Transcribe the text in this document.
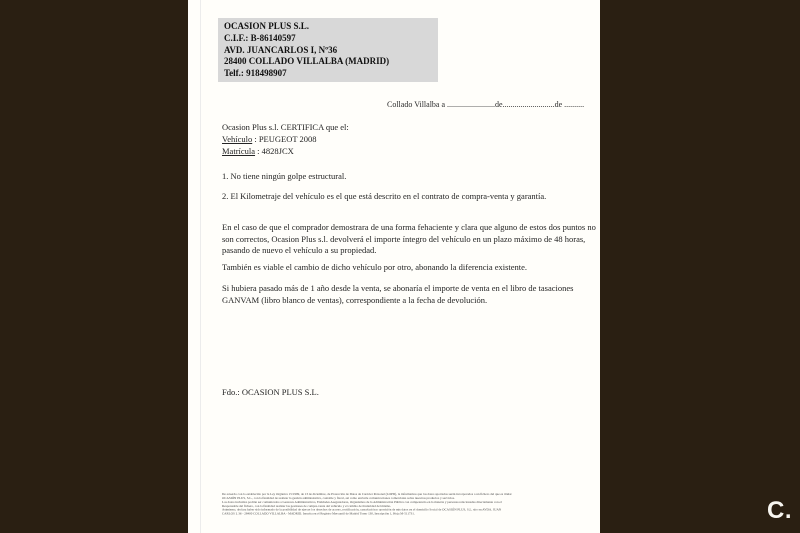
OCASION PLUS S.L.
C.I.F.: B-86140597
AVD. JUANCARLOS I, Nº36
28400 COLLADO VILLALBA (MADRID)
Telf.: 918498907
Collado Villalba a ........................de..........................de ..........
Ocasion Plus s.l. CERTIFICA que el:
Vehículo : PEUGEOT 2008
Matrícula : 4828JCX
1. No tiene ningún golpe estructural.
2. El Kilometraje del vehículo es el que está descrito en el contrato de compra-venta y garantía.
En el caso de que el comprador demostrara de una forma fehaciente y clara que alguno de estos dos puntos no son correctos, Ocasion Plus s.l. devolverá el importe íntegro del vehículo en un plazo máximo de 48 horas, pasando de nuevo el vehículo a su propiedad.
También es viable el cambio de dicho vehículo por otro, abonando la diferencia existente.
Si hubiera pasado más de 1 año desde la venta, se abonaría el importe de venta en el libro de tasaciones GANVAM (libro blanco de ventas), correspondiente a la fecha de devolución.
Fdo.: OCASION PLUS S.L.
De acuerdo con lo establecido por la Ley Orgánica 15/1999, de 13 de diciembre, de Protección de Datos de Carácter Personal (LOPD), le informamos que los datos aportados serán incorporados a un fichero del que es titular
OCASIÓN PLUS, S.L., con la finalidad de realizar la gestión administrativa, contable y fiscal, así como enviarle comunicaciones comerciales sobre nuestros productos y servicios.
Los datos incluidos podrán ser comunicados a Gestores Administrativos, Entidades Aseguradoras, Organismos de la Administración Pública con competencia en la materia y personas relacionadas directamente con el
Responsable del fichero, con la finalidad realizar las gestiones de compra-venta del vehículo y el cambio de titularidad del mismo.
Asimismo, declara haber sido informado de la posibilidad de ejercer los derechos de acceso, rectificación, cancelación y oposición de mis datos en el domicilio Social de OCASIÓN PLUS, S.L. sito en AVDA. JUAN
CARLOS I, 36 - 28400 COLLADO VILLALBA - MADRID. Inscrita en el Registro Mercantil de Madrid Tomo 130, Inscripción 1, Hoja M-511731.	C.
